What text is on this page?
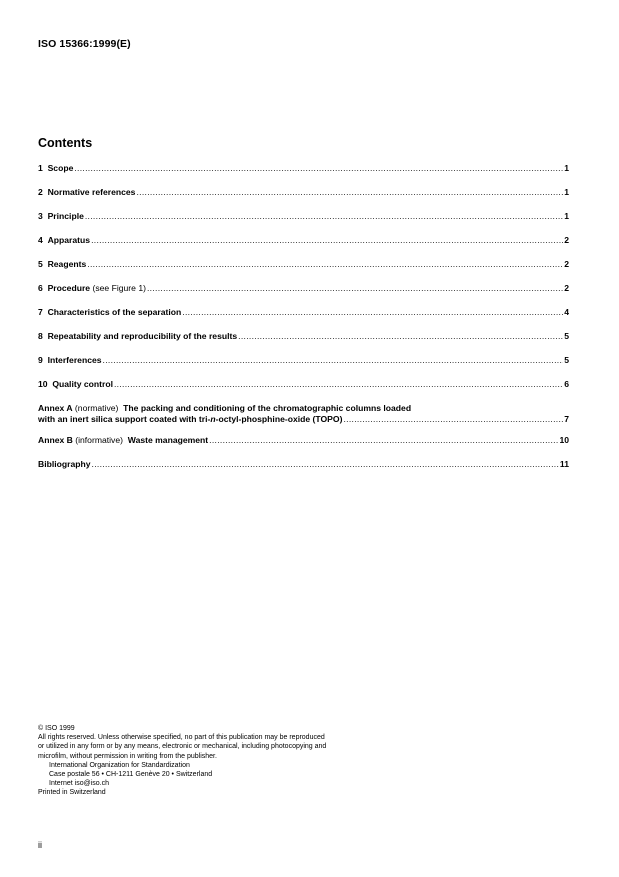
ISO 15366:1999(E)
Contents
1 Scope .....	1
2 Normative references .....	1
3 Principle .....	1
4 Apparatus .....	2
5 Reagents .....	2
6 Procedure (see Figure 1) .....	2
7 Characteristics of the separation .....	4
8 Repeatability and reproducibility of the results .....	5
9 Interferences .....	5
10 Quality control .....	6
Annex A (normative) The packing and conditioning of the chromatographic columns loaded
with an inert silica support coated with tri-n-octyl-phosphine-oxide (TOPO) .....	7
Annex B (informative) Waste management .....	10
Bibliography .....	11
© ISO 1999
All rights reserved. Unless otherwise specified, no part of this publication may be reproduced
or utilized in any form or by any means, electronic or mechanical, including photocopying and
microfilm, without permission in writing from the publisher.
International Organization for Standardization
Case postale 56 • CH-1211 Genève 20 • Switzerland
Internet iso@iso.ch
Printed in Switzerland
ii
